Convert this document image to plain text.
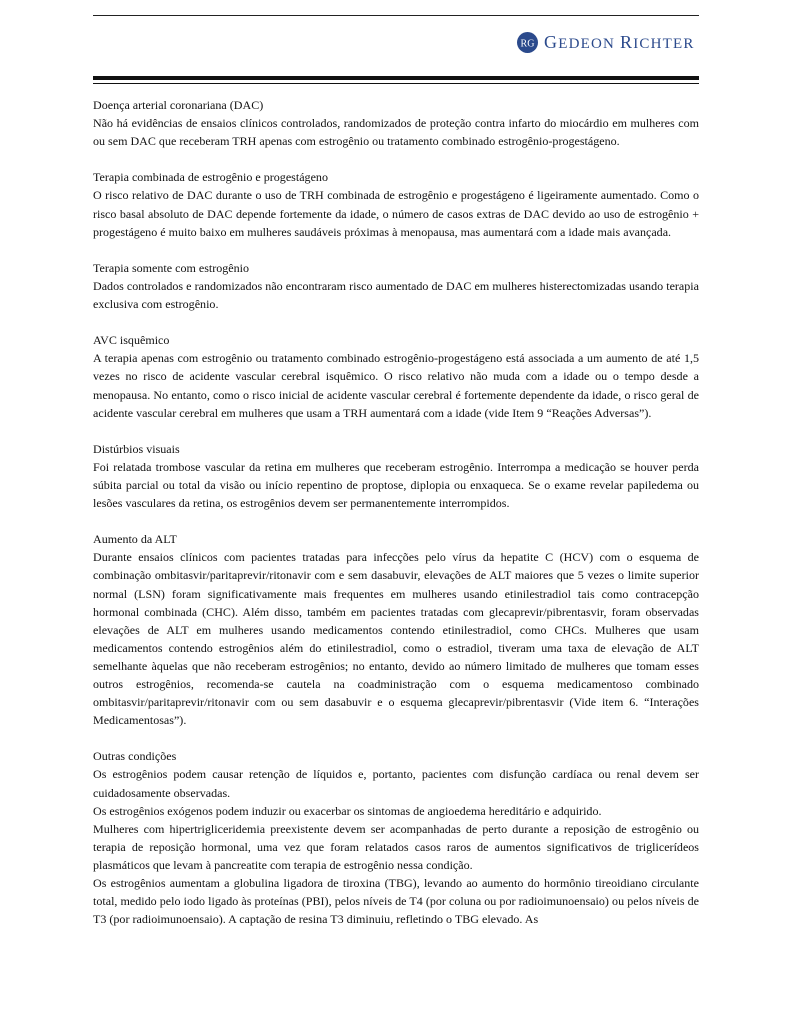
RG GEDEON RICHTER

Doença arterial coronariana (DAC)

Não há evidências de ensaios clínicos controlados, randomizados de proteção contra infarto do miocárdio em mulheres com ou sem DAC que receberam TRH apenas com estrogênio ou tratamento combinado estrogênio-progestágeno.

Terapia combinada de estrogênio e progestágeno

O risco relativo de DAC durante o uso de TRH combinada de estrogênio e progestágeno é ligeiramente aumentado. Como o risco basal absoluto de DAC depende fortemente da idade, o número de casos extras de DAC devido ao uso de estrogênio + progestágeno é muito baixo em mulheres saudáveis próximas à menopausa, mas aumentará com a idade mais avançada.

Terapia somente com estrogênio

Dados controlados e randomizados não encontraram risco aumentado de DAC em mulheres histerectomizadas usando terapia exclusiva com estrogênio.

AVC isquêmico

A terapia apenas com estrogênio ou tratamento combinado estrogênio-progestágeno está associada a um aumento de até 1,5 vezes no risco de acidente vascular cerebral isquêmico. O risco relativo não muda com a idade ou o tempo desde a menopausa. No entanto, como o risco inicial de acidente vascular cerebral é fortemente dependente da idade, o risco geral de acidente vascular cerebral em mulheres que usam a TRH aumentará com a idade (vide Item 9 “Reações Adversas”).

Distúrbios visuais

Foi relatada trombose vascular da retina em mulheres que receberam estrogênio. Interrompa a medicação se houver perda súbita parcial ou total da visão ou início repentino de proptose, diplopia ou enxaqueca. Se o exame revelar papiledema ou lesões vasculares da retina, os estrogênios devem ser permanentemente interrompidos.

Aumento da ALT

Durante ensaios clínicos com pacientes tratadas para infecções pelo vírus da hepatite C (HCV) com o esquema de combinação ombitasvir/paritaprevir/ritonavir com e sem dasabuvir, elevações de ALT maiores que 5 vezes o limite superior normal (LSN) foram significativamente mais frequentes em mulheres usando etinilestradiol tais como contracepção hormonal combinada (CHC). Além disso, também em pacientes tratadas com glecaprevir/pibrentasvir, foram observadas elevações de ALT em mulheres usando medicamentos contendo etinilestradiol, como CHCs. Mulheres que usam medicamentos contendo estrogênios além do etinilestradiol, como o estradiol, tiveram uma taxa de elevação de ALT semelhante àquelas que não receberam estrogênios; no entanto, devido ao número limitado de mulheres que tomam esses outros estrogênios, recomenda-se cautela na coadministração com o esquema medicamentoso combinado ombitasvir/paritaprevir/ritonavir com ou sem dasabuvir e o esquema glecaprevir/pibrentasvir (Vide item 6. “Interações Medicamentosas”).

Outras condições

Os estrogênios podem causar retenção de líquidos e, portanto, pacientes com disfunção cardíaca ou renal devem ser cuidadosamente observadas.

Os estrogênios exógenos podem induzir ou exacerbar os sintomas de angioedema hereditário e adquirido.

Mulheres com hipertrigliceridemia preexistente devem ser acompanhadas de perto durante a reposição de estrogênio ou terapia de reposição hormonal, uma vez que foram relatados casos raros de aumentos significativos de triglicerídeos plasmáticos que levam à pancreatite com terapia de estrogênio nessa condição.

Os estrogênios aumentam a globulina ligadora de tiroxina (TBG), levando ao aumento do hormônio tireoidiano circulante total, medido pelo iodo ligado às proteínas (PBI), pelos níveis de T4 (por coluna ou por radioimunoensaio) ou pelos níveis de T3 (por radioimunoensaio). A captação de resina T3 diminuiu, refletindo o TBG elevado. As
